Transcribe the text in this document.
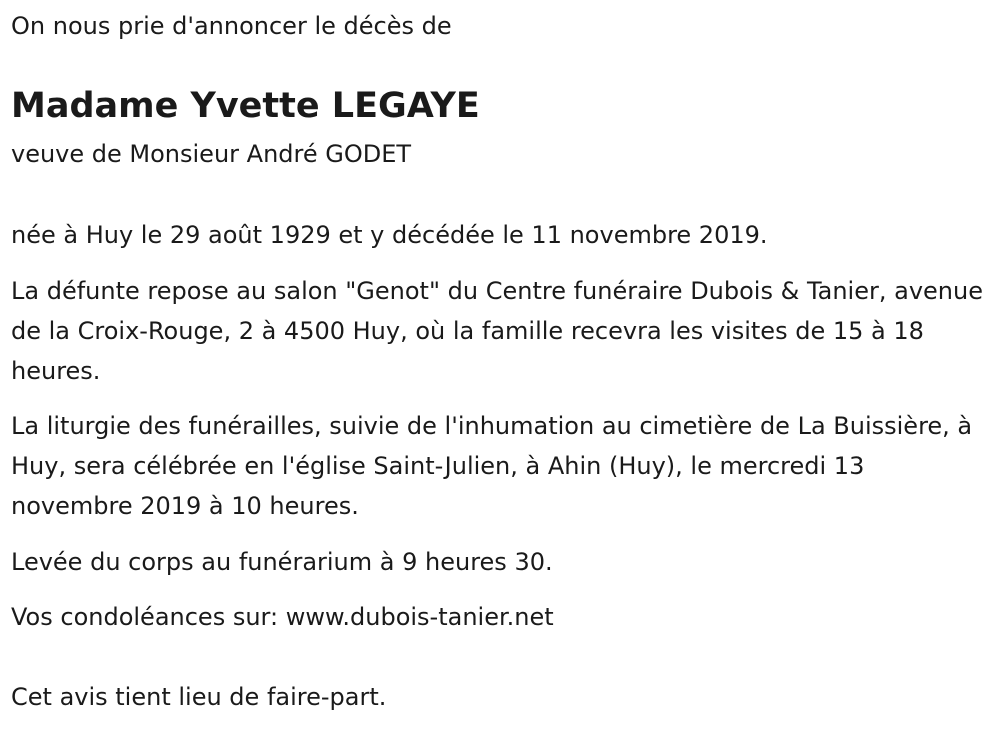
On nous prie d'annoncer le décès de

Madame Yvette LEGAYE

veuve de Monsieur André GODET

née à Huy le 29 août 1929 et y décédée le 11 novembre 2019.

La défunte repose au salon "Genot" du Centre funéraire Dubois & Tanier, avenue de la Croix-Rouge, 2 à 4500 Huy, où la famille recevra les visites de 15 à 18 heures.

La liturgie des funérailles, suivie de l'inhumation au cimetière de La Buissière, à Huy, sera célébrée en l'église Saint-Julien, à Ahin (Huy), le mercredi 13 novembre 2019 à 10 heures.

Levée du corps au funérarium à 9 heures 30.

Vos condoléances sur: www.dubois-tanier.net

Cet avis tient lieu de faire-part.
